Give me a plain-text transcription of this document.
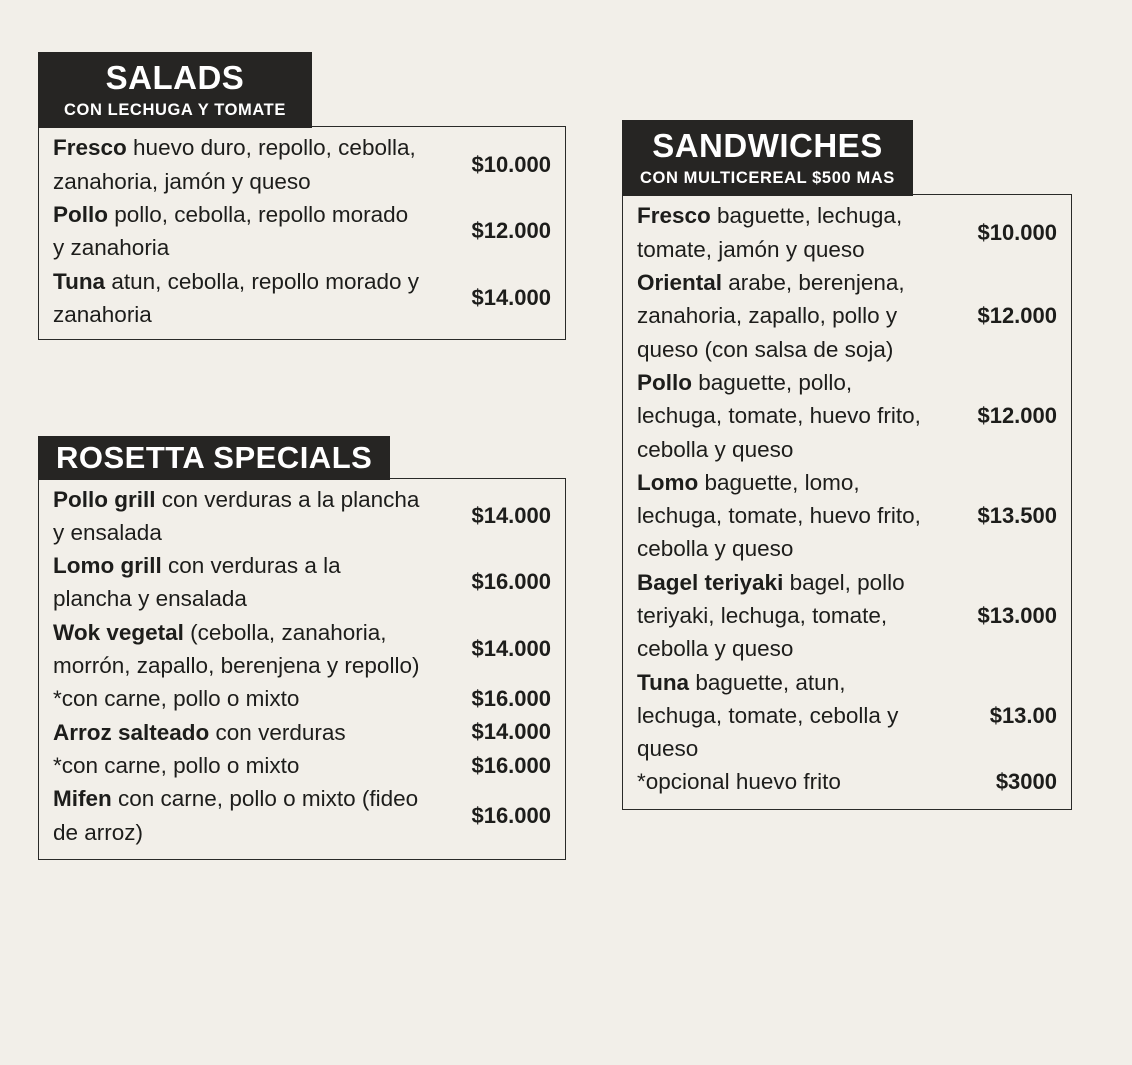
SALADS
CON LECHUGA Y TOMATE
Fresco huevo duro, repollo, cebolla, zanahoria, jamón y queso
$10.000
Pollo pollo, cebolla, repollo morado y zanahoria
$12.000
Tuna atun, cebolla, repollo morado y zanahoria
$14.000
ROSETTA SPECIALS
Pollo grill con verduras a la plancha y ensalada
$14.000
Lomo grill con verduras a la plancha y ensalada
$16.000
Wok vegetal (cebolla, zanahoria, morrón, zapallo, berenjena y repollo)
$14.000
*con carne, pollo o mixto	$16.000
Arroz salteado con verduras	$14.000
*con carne, pollo o mixto	$16.000
Mifen con carne, pollo o mixto (fideo de arroz)
$16.000
SANDWICHES
CON MULTICEREAL $500 MAS
Fresco baguette, lechuga, tomate, jamón y queso
$10.000
Oriental arabe, berenjena, zanahoria, zapallo, pollo y queso (con salsa de soja)
$12.000
Pollo baguette, pollo, lechuga, tomate, huevo frito, cebolla y queso
$12.000
Lomo baguette, lomo, lechuga, tomate, huevo frito, cebolla y queso
$13.500
Bagel teriyaki bagel, pollo teriyaki, lechuga, tomate, cebolla y queso
$13.000
Tuna baguette, atun, lechuga, tomate, cebolla y queso
$13.00
*opcional huevo frito	$3000
